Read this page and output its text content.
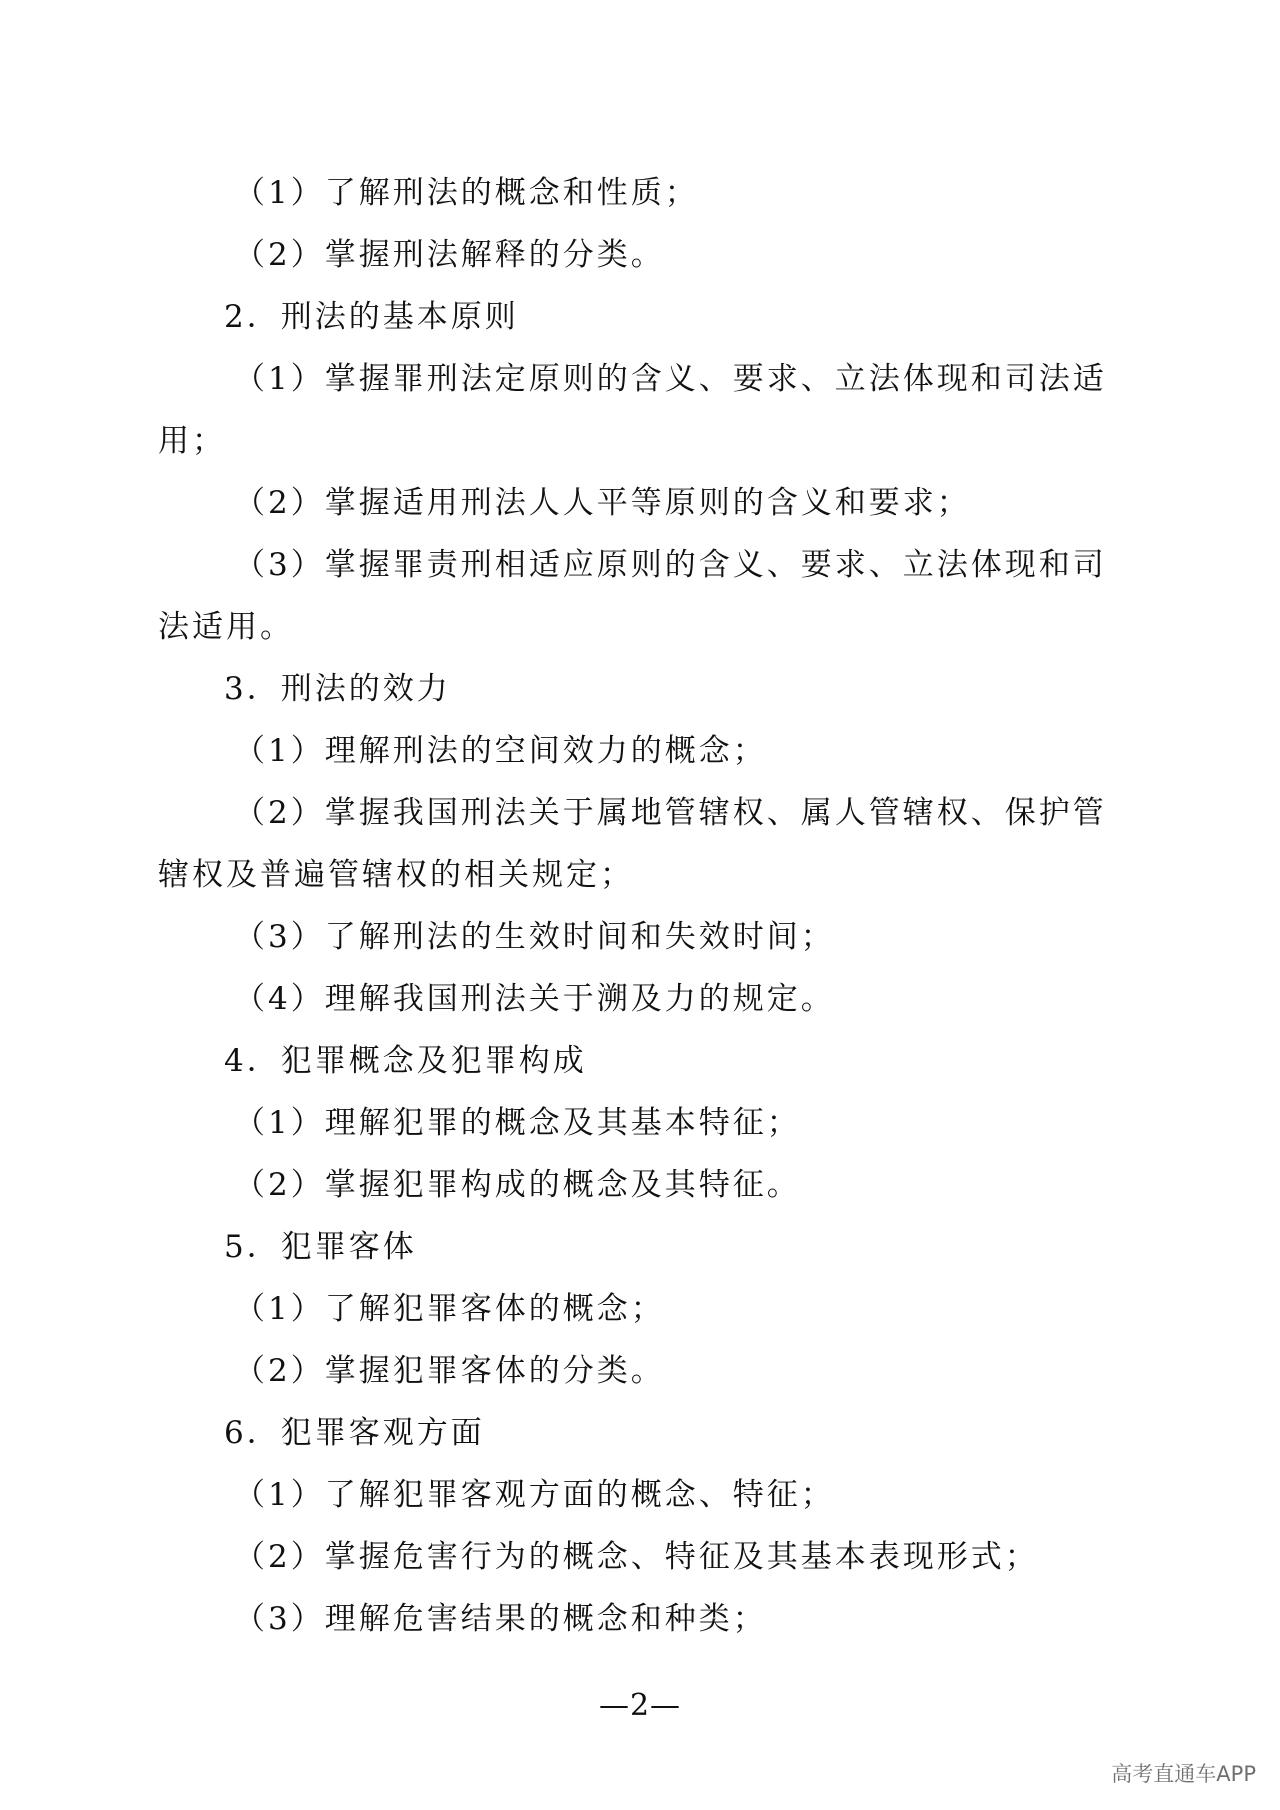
（1）了解刑法的概念和性质；
（2）掌握刑法解释的分类。
2．刑法的基本原则
（1）掌握罪刑法定原则的含义、要求、立法体现和司法适
用；
（2）掌握适用刑法人人平等原则的含义和要求；
（3）掌握罪责刑相适应原则的含义、要求、立法体现和司
法适用。
3．刑法的效力
（1）理解刑法的空间效力的概念；
（2）掌握我国刑法关于属地管辖权、属人管辖权、保护管
辖权及普遍管辖权的相关规定；
（3）了解刑法的生效时间和失效时间；
（4）理解我国刑法关于溯及力的规定。
4．犯罪概念及犯罪构成
（1）理解犯罪的概念及其基本特征；
（2）掌握犯罪构成的概念及其特征。
5．犯罪客体
（1）了解犯罪客体的概念；
（2）掌握犯罪客体的分类。
6．犯罪客观方面
（1）了解犯罪客观方面的概念、特征；
（2）掌握危害行为的概念、特征及其基本表现形式；
（3）理解危害结果的概念和种类；
—2—
高考直通车APP
